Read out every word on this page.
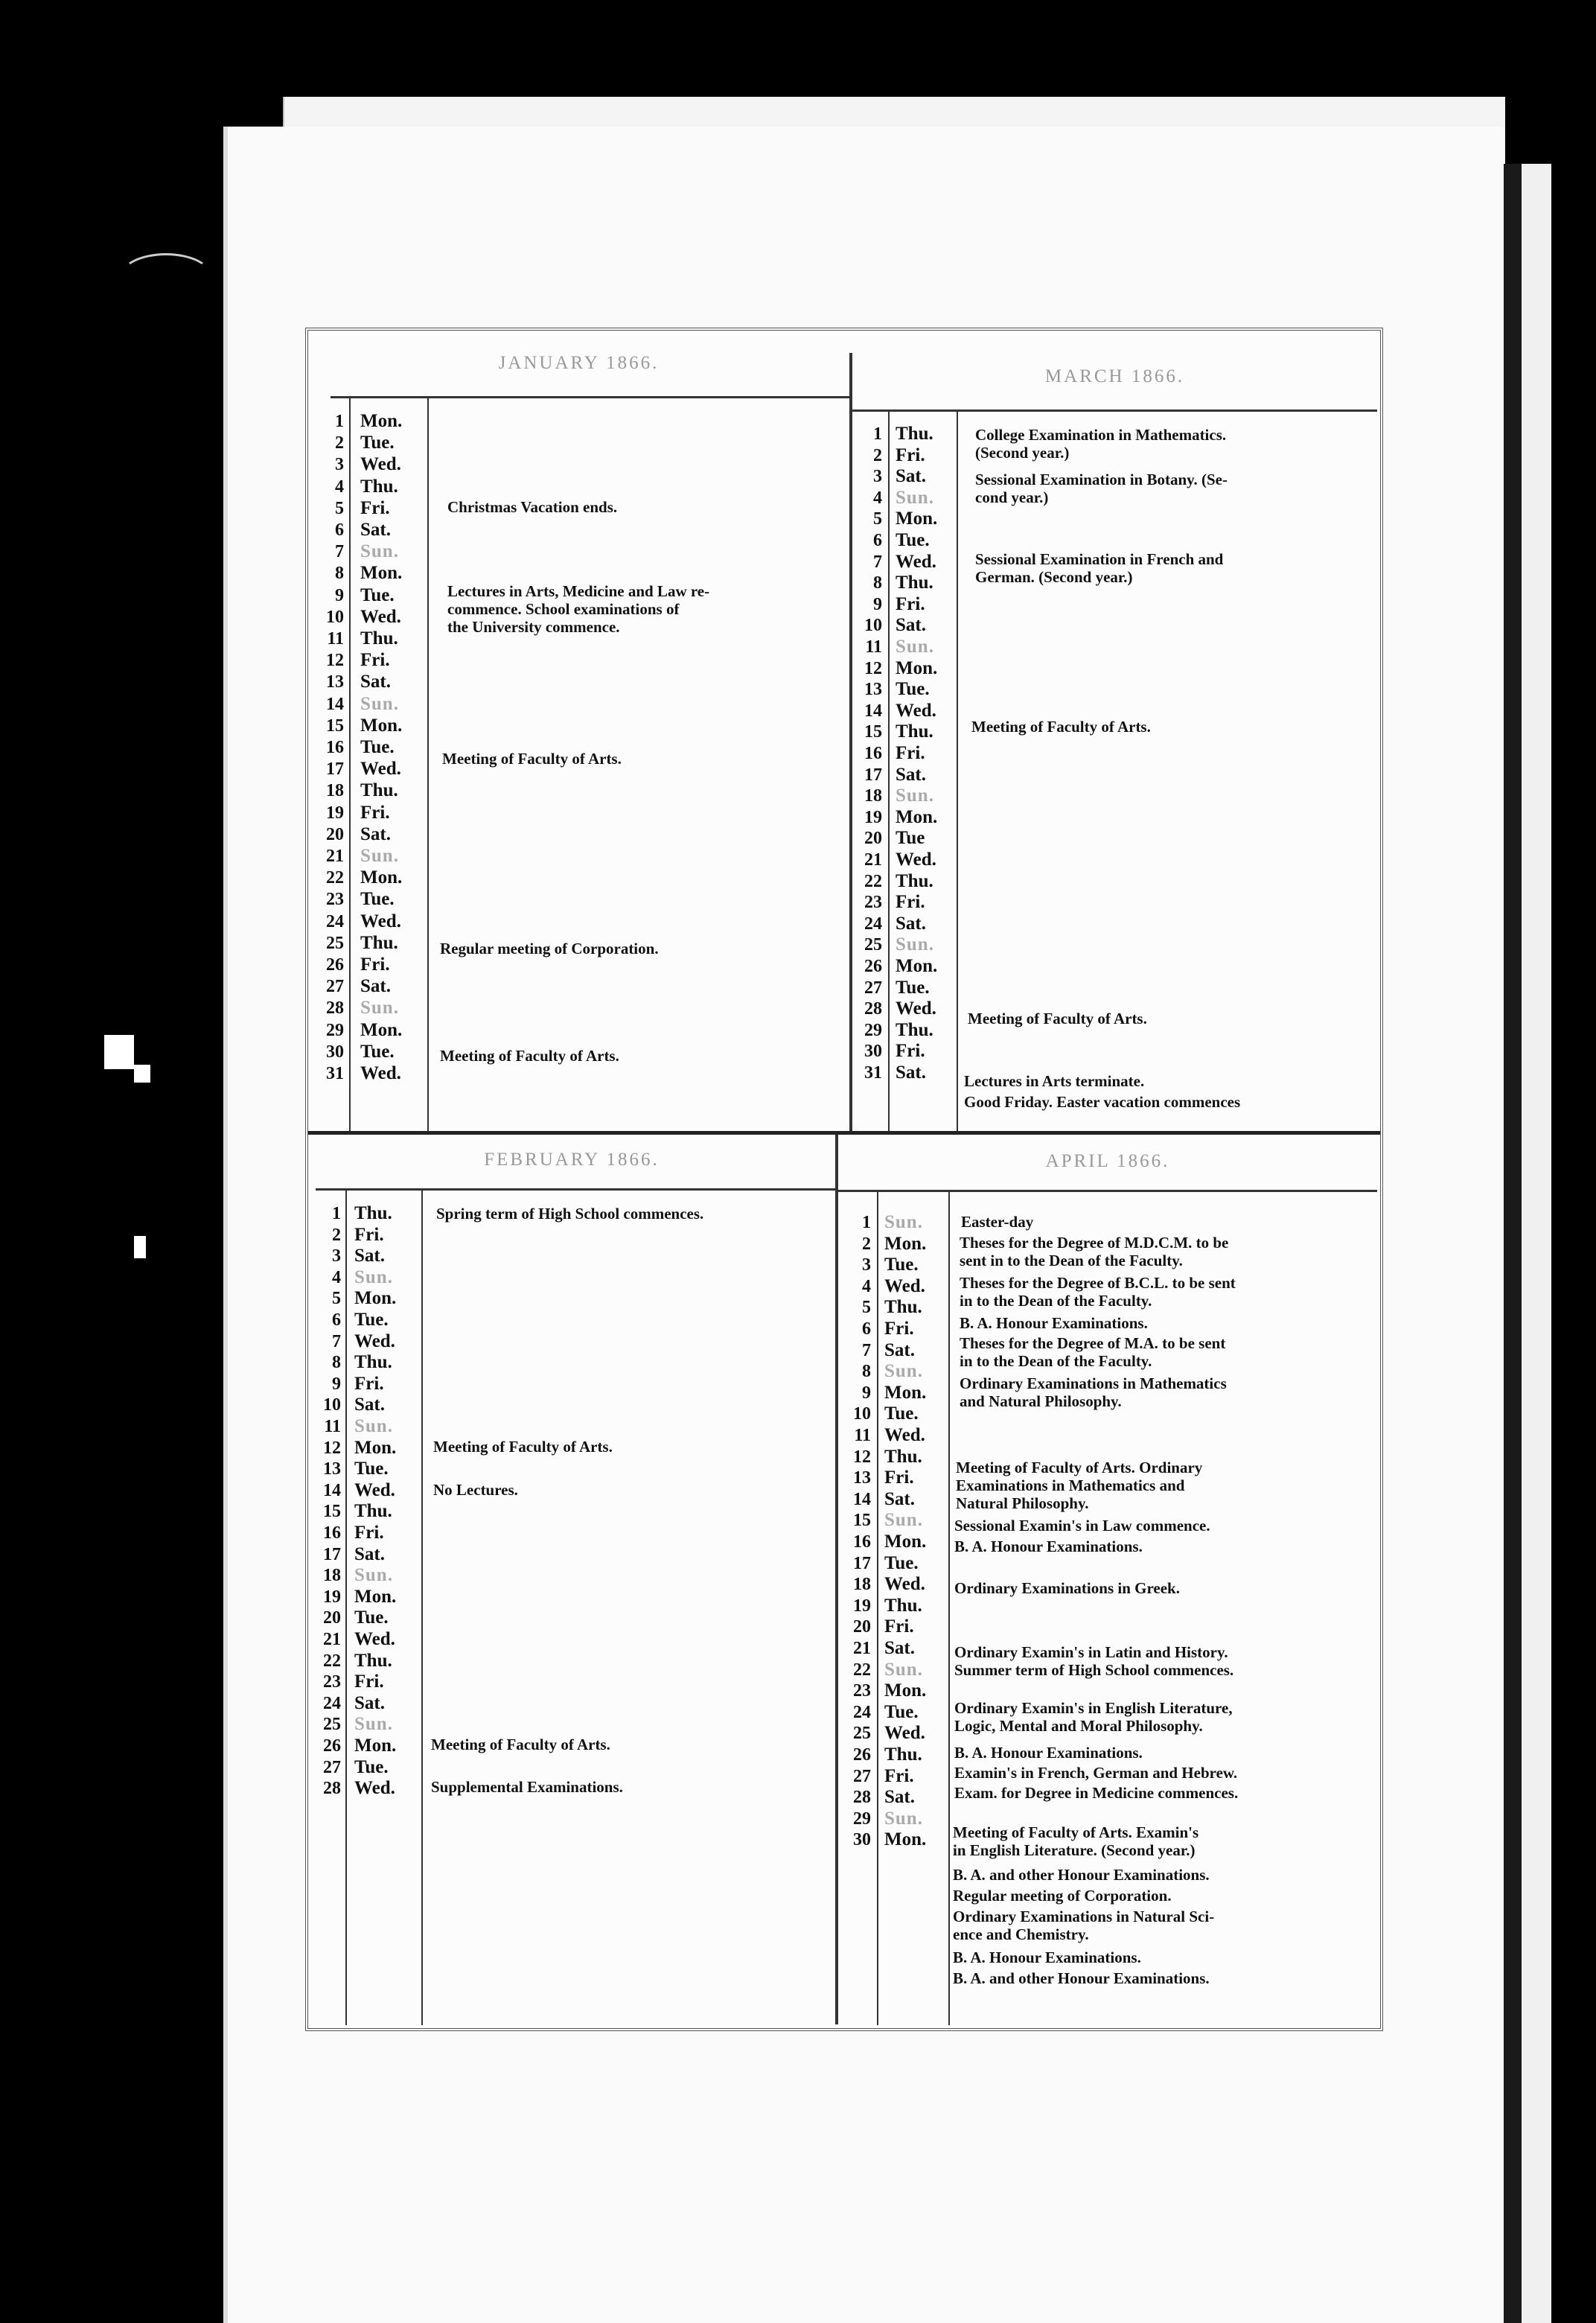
JANUARY 1866.
Christmas Vacation ends.
Lectures in Arts, Medicine and Law re-
commence. School examinations of
the University commence.
Meeting of Faculty of Arts.
Regular meeting of Corporation.
Meeting of Faculty of Arts.
1 Mon.
2 Tue.
3 Wed.
4 Thu.
5 Fri.
6 Sat.
7 Sun.
8 Mon.
9 Tue.
10 Wed.
11 Thu.
12 Fri.
13 Sat.
14 Sun.
15 Mon.
16 Tue.
17 Wed.
18 Thu.
19 Fri.
20 Sat.
21 Sun.
22 Mon.
23 Tue.
24 Wed.
25 Thu.
26 Fri.
27 Sat.
28 Sun.
29 Mon.
30 Tue.
31 Wed.
MARCH 1866.
College Examination in Mathematics.
(Second year.)
Sessional Examination in Botany. (Se-
cond year.)
Sessional Examination in French and
German. (Second year.)
Meeting of Faculty of Arts.
Meeting of Faculty of Arts.
Lectures in Arts terminate.
Good Friday. Easter vacation commences
1 Thu.
2 Fri.
3 Sat.
4 Sun.
5 Mon.
6 Tue.
7 Wed.
8 Thu.
9 Fri.
10 Sat.
11 Sun.
12 Mon.
13 Tue.
14 Wed.
15 Thu.
16 Fri.
17 Sat.
18 Sun.
19 Mon.
20 Tue
21 Wed.
22 Thu.
23 Fri.
24 Sat.
25 Sun.
26 Mon.
27 Tue.
28 Wed.
29 Thu.
30 Fri.
31 Sat.
FEBRUARY 1866.
Spring term of High School commences.
Meeting of Faculty of Arts.
No Lectures.
Meeting of Faculty of Arts.
Supplemental Examinations.
1 Thu.
2 Fri.
3 Sat.
4 Sun.
5 Mon.
6 Tue.
7 Wed.
8 Thu.
9 Fri.
10 Sat.
11 Sun.
12 Mon.
13 Tue.
14 Wed.
15 Thu.
16 Fri.
17 Sat.
18 Sun.
19 Mon.
20 Tue.
21 Wed.
22 Thu.
23 Fri.
24 Sat.
25 Sun.
26 Mon.
27 Tue.
28 Wed.
APRIL 1866.
Easter-day
Theses for the Degree of M.D.C.M. to be
sent in to the Dean of the Faculty.
Theses for the Degree of B.C.L. to be sent
in to the Dean of the Faculty.
B. A. Honour Examinations.
Theses for the Degree of M.A. to be sent
in to the Dean of the Faculty.
Ordinary Examinations in Mathematics
and Natural Philosophy.
Meeting of Faculty of Arts. Ordinary
Examinations in Mathematics and
Natural Philosophy.
Sessional Examin's in Law commence.
B. A. Honour Examinations.
Ordinary Examinations in Greek.
Ordinary Examin's in Latin and History.
Summer term of High School commences.
Ordinary Examin's in English Literature,
Logic, Mental and Moral Philosophy.
B. A. Honour Examinations.
Examin's in French, German and Hebrew.
Exam. for Degree in Medicine commences.
Meeting of Faculty of Arts. Examin's
in English Literature. (Second year.)
B. A. and other Honour Examinations.
Regular meeting of Corporation.
Ordinary Examinations in Natural Sci-
ence and Chemistry.
B. A. Honour Examinations.
B. A. and other Honour Examinations.
1 Sun.
2 Mon.
3 Tue.
4 Wed.
5 Thu.
6 Fri.
7 Sat.
8 Sun.
9 Mon.
10 Tue.
11 Wed.
12 Thu.
13 Fri.
14 Sat.
15 Sun.
16 Mon.
17 Tue.
18 Wed.
19 Thu.
20 Fri.
21 Sat.
22 Sun.
23 Mon.
24 Tue.
25 Wed.
26 Thu.
27 Fri.
28 Sat.
29 Sun.
30 Mon.
